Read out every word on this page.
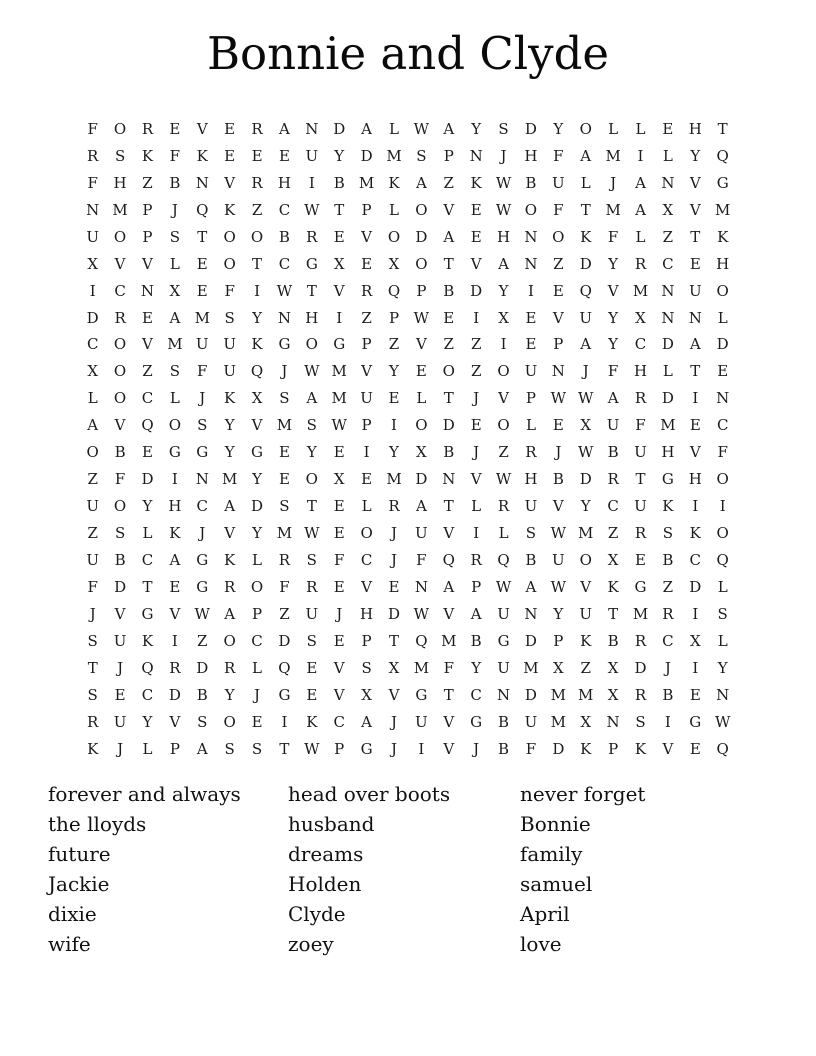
Bonnie and Clyde
F	O	R	E	V	E	R	A	N D	A	L W A	Y	S	D	Y	O	L	L	E	H	T
R	S	K	F	K	E	E	E	U	Y	D M S	P	N	J	H	F	A M	I	L	Y	Q
F	H	Z	B	N	V	R	H	I	B M K	A	Z	K W B	U	L	J	A	N	V	G
N M P	J	Q	K	Z	C W T	P	L	O	V	E W O	F	T M A	X	V M
U O	P	S	T	O	O	B	R	E	V	O	D	A	E	H N O	K	F	L	Z	T	K
X	V	V	L	E	O	T	C	G	X	E	X	O	T	V	A	N	Z	D	Y	R	C	E	H
I	C	N	X	E	F	I	W T	V	R	Q	P	B	D	Y	I	E	Q	V M N U O
D	R	E	A M S	Y	N H	I	Z	P W E	I	X	E	V	U	Y	X	N N	L
C	O	V M U U	K	G	O	G	P	Z	V	Z	Z	I	E	P	A	Y	C	D	A	D
X	O	Z	S	F	U Q	J	W M V	Y	E	O	Z	O U N	J	F	H	L	T	E
L	O	C	L	J	K	X	S	A M U	E	L	T	J	V	P W W A	R	D	I	N
A	V	Q	O	S	Y	V M S W P	I	O	D	E	O	L	E	X	U	F M E	C
O	B	E	G	G	Y	G	E	Y	E	I	Y	X	B	J	Z	R	J	W B	U H	V	F
Z	F	D	I	N M Y	E	O	X	E M D N	V W H	B	D	R	T	G H O
U O	Y	H	C	A	D	S	T	E	L	R	A	T	L	R	U	V	Y	C	U	K	I	I
Z	S	L	K	J	V	Y M W E	O	J	U	V	I	L	S W M Z	R	S	K	O
U	B	C	A	G	K	L	R	S	F	C	J	F	Q	R	Q	B	U O	X	E	B	C	Q
F	D	T	E	G	R	O	F	R	E	V	E	N	A	P W A W V	K	G	Z	D	L
J	V	G	V W A	P	Z	U	J	H D W V	A	U N	Y	U	T M R	I	S
S	U	K	I	Z	O	C	D	S	E	P	T	Q M B	G	D	P	K	B	R	C	X	L
T	J	Q	R	D	R	L	Q	E	V	S	X M F	Y	U M X	Z	X	D	J	I	Y
S	E	C	D	B	Y	J	G	E	V	X	V	G	T	C	N D M M X	R	B	E	N
R	U	Y	V	S	O	E	I	K	C	A	J	U	V	G	B	U M X	N	S	I	G W
K	J	L	P	A	S	S	T W P	G	J	I	V	J	B	F	D	K	P	K	V	E	Q
forever and always
the lloyds
future
Jackie
dixie
wife
head over boots
husband
dreams
Holden
Clyde
zoey
never forget
Bonnie
family
samuel
April
love
